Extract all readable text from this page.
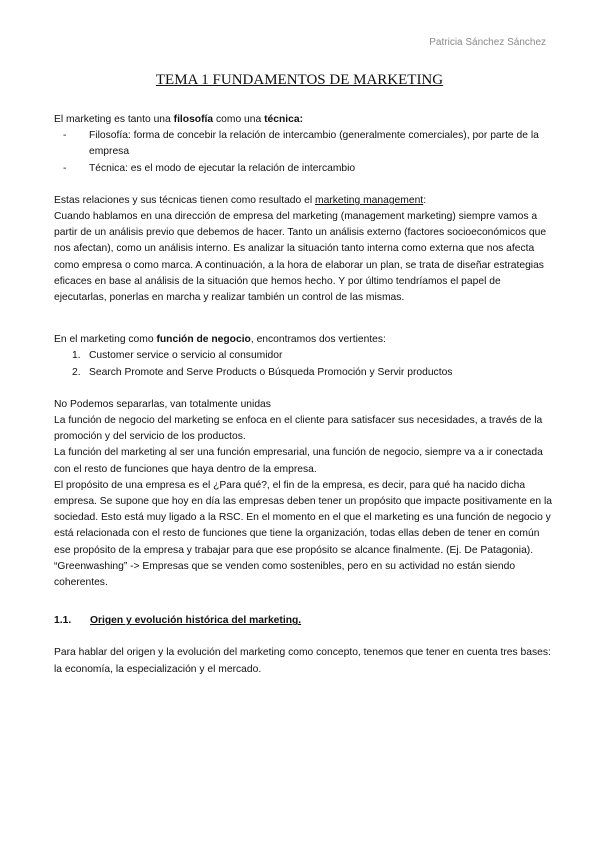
Patricia Sánchez Sánchez
TEMA 1 FUNDAMENTOS DE MARKETING

El marketing es tanto una filosofía como una técnica:

- Filosofía: forma de concebir la relación de intercambio (generalmente comerciales), por parte de la empresa
- Técnica: es el modo de ejecutar la relación de intercambio

Estas relaciones y sus técnicas tienen como resultado el marketing management:

Cuando hablamos en una dirección de empresa del marketing (management marketing) siempre vamos a partir de un análisis previo que debemos de hacer. Tanto un análisis externo (factores socioeconómicos que nos afectan), como un análisis interno. Es analizar la situación tanto interna como externa que nos afecta como empresa o como marca. A continuación, a la hora de elaborar un plan, se trata de diseñar estrategias eficaces en base al análisis de la situación que hemos hecho. Y por último tendríamos el papel de ejecutarlas, ponerlas en marcha y realizar también un control de las mismas.

En el marketing como función de negocio, encontramos dos vertientes:

1. Customer service o servicio al consumidor
2. Search Promote and Serve Products o Búsqueda Promoción y Servir productos

No Podemos separarlas, van totalmente unidas

La función de negocio del marketing se enfoca en el cliente para satisfacer sus necesidades, a través de la promoción y del servicio de los productos.

La función del marketing al ser una función empresarial, una función de negocio, siempre va a ir conectada con el resto de funciones que haya dentro de la empresa.

El propósito de una empresa es el ¿Para qué?, el fin de la empresa, es decir, para qué ha nacido dicha empresa. Se supone que hoy en día las empresas deben tener un propósito que impacte positivamente en la sociedad. Esto está muy ligado a la RSC. En el momento en el que el marketing es una función de negocio y está relacionada con el resto de funciones que tiene la organización, todas ellas deben de tener en común ese propósito de la empresa y trabajar para que ese propósito se alcance finalmente. (Ej. De Patagonia).

“Greenwashing” -> Empresas que se venden como sostenibles, pero en su actividad no están siendo coherentes.

1.1.	Origen y evolución histórica del marketing.

Para hablar del origen y la evolución del marketing como concepto, tenemos que tener en cuenta tres bases: la economía, la especialización y el mercado.
